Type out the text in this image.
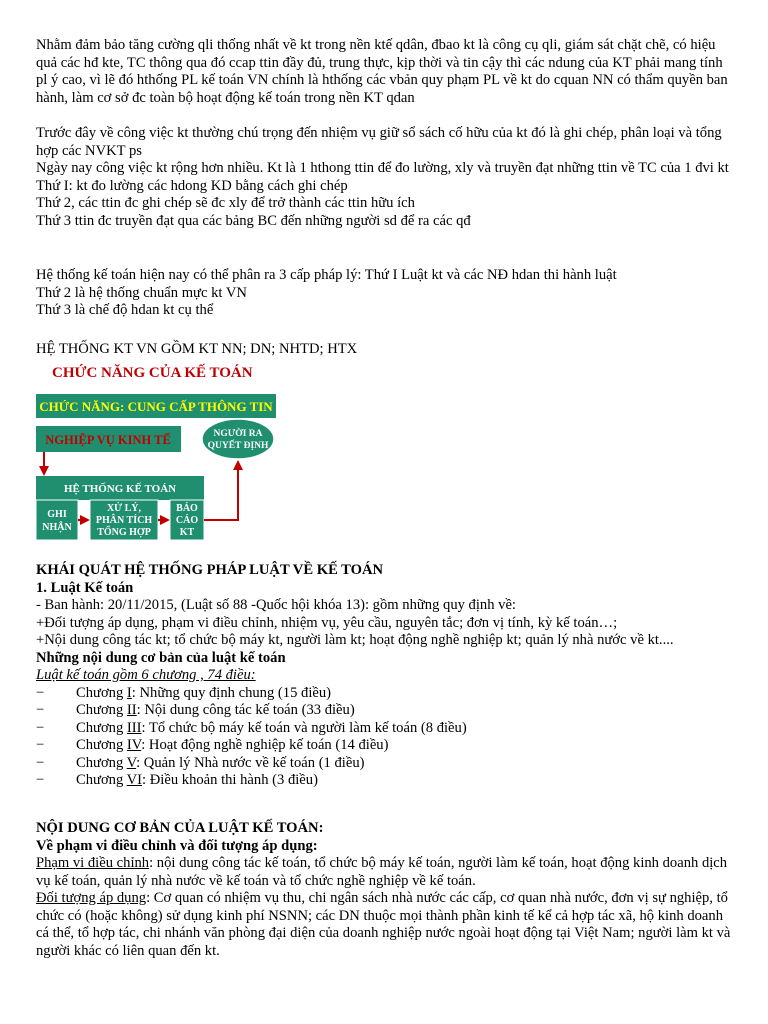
Nhằm đảm bảo tăng cường qli thống nhất về kt trong nền ktế qdân, đbao kt là công cụ qli, giám sát chặt chẽ, có hiệu quả các hđ kte, TC thông qua đó ccap ttin đầy đủ, trung thực, kịp thời và tin cậy thì các ndung của KT phải mang tính pl ý cao, vì lẽ đó hthống PL kế toán VN chính là hthống các vbản quy phạm PL về kt do cquan NN có thẩm quyền ban hành, làm cơ sở đc toàn bộ hoạt động kế toán trong nền KT qdan

Trước đây về công việc kt thường chú trọng đến nhiệm vụ giữ sổ sách cố hữu của kt đó là ghi chép, phân loại và tổng hợp các NVKT ps

Ngày nay công việc kt rộng hơn nhiều. Kt là 1 hthong ttin để đo lường, xly và truyền đạt những ttin về TC của 1 đvi kt

Thứ I: kt đo lường các hdong KD bằng cách ghi chép

Thứ 2, các ttin đc ghi chép sẽ đc xly để trở thành các ttin hữu ích

Thứ 3 ttin đc truyền đạt qua các bảng BC đến những người sd để ra các qđ

Hệ thống kế toán hiện nay có thể phân ra 3 cấp pháp lý: Thứ I Luật kt và các NĐ hdan thi hành luật

Thứ 2 là hệ thống chuẩn mực kt VN

Thứ 3 là chế độ hdan kt cụ thể

HỆ THỐNG KT VN GỒM KT NN; DN; NHTD; HTX

CHỨC NĂNG CỦA KẾ TOÁN
CHỨC NĂNG: CUNG CẤP THÔNG TIN
NGHIỆP VỤ KINH TẾ	NGƯỜI RA
QUYẾT ĐỊNH
HỆ THỐNG KẾ TOÁN
GHI
NHẬN
XỬ LÝ,
PHÂN TÍCH
TỔNG HỢP
BÁO
CÁO
KT

KHÁI QUÁT HỆ THỐNG PHÁP LUẬT VỀ KẾ TOÁN

1. Luật Kế toán

- Ban hành: 20/11/2015, (Luật số 88 -Quốc hội khóa 13): gồm những quy định về:

+Đối tượng áp dụng, phạm vi điều chỉnh, nhiệm vụ, yêu cầu, nguyên tắc; đơn vị tính, kỳ kế toán…;

+Nội dung công tác kt; tổ chức bộ máy kt, người làm kt; hoạt động nghề nghiệp kt; quản lý nhà nước về kt....

Những nội dung cơ bản của luật kế toán

Luật kế toán gồm 6 chương , 74 điều:

−	Chương I: Những quy định chung (15 điều)
−	Chương II: Nội dung công tác kế toán (33 điều)
−	Chương III: Tổ chức bộ máy kế toán và người làm kế toán (8 điều)
−	Chương IV: Hoạt động nghề nghiệp kế toán (14 điều)
−	Chương V: Quản lý Nhà nước về kế toán (1 điều)
−	Chương VI: Điều khoản thi hành (3 điều)

NỘI DUNG CƠ BẢN CỦA LUẬT KẾ TOÁN:

Về phạm vi điều chỉnh và đối tượng áp dụng:

Phạm vi điều chỉnh: nội dung công tác kế toán, tổ chức bộ máy kế toán, người làm kế toán, hoạt động kinh doanh dịch vụ kế toán, quản lý nhà nước về kế toán và tổ chức nghề nghiệp về kế toán.

Đối tượng áp dụng: Cơ quan có nhiệm vụ thu, chi ngân sách nhà nước các cấp, cơ quan nhà nước, đơn vị sự nghiệp, tổ chức có (hoặc không) sử dụng kinh phí NSNN; các DN thuộc mọi thành phần kinh tế kể cả hợp tác xã, hộ kinh doanh cá thể, tổ hợp tác, chi nhánh văn phòng đại diện của doanh nghiệp nước ngoài hoạt động tại Việt Nam; người làm kt và người khác có liên quan đến kt.
